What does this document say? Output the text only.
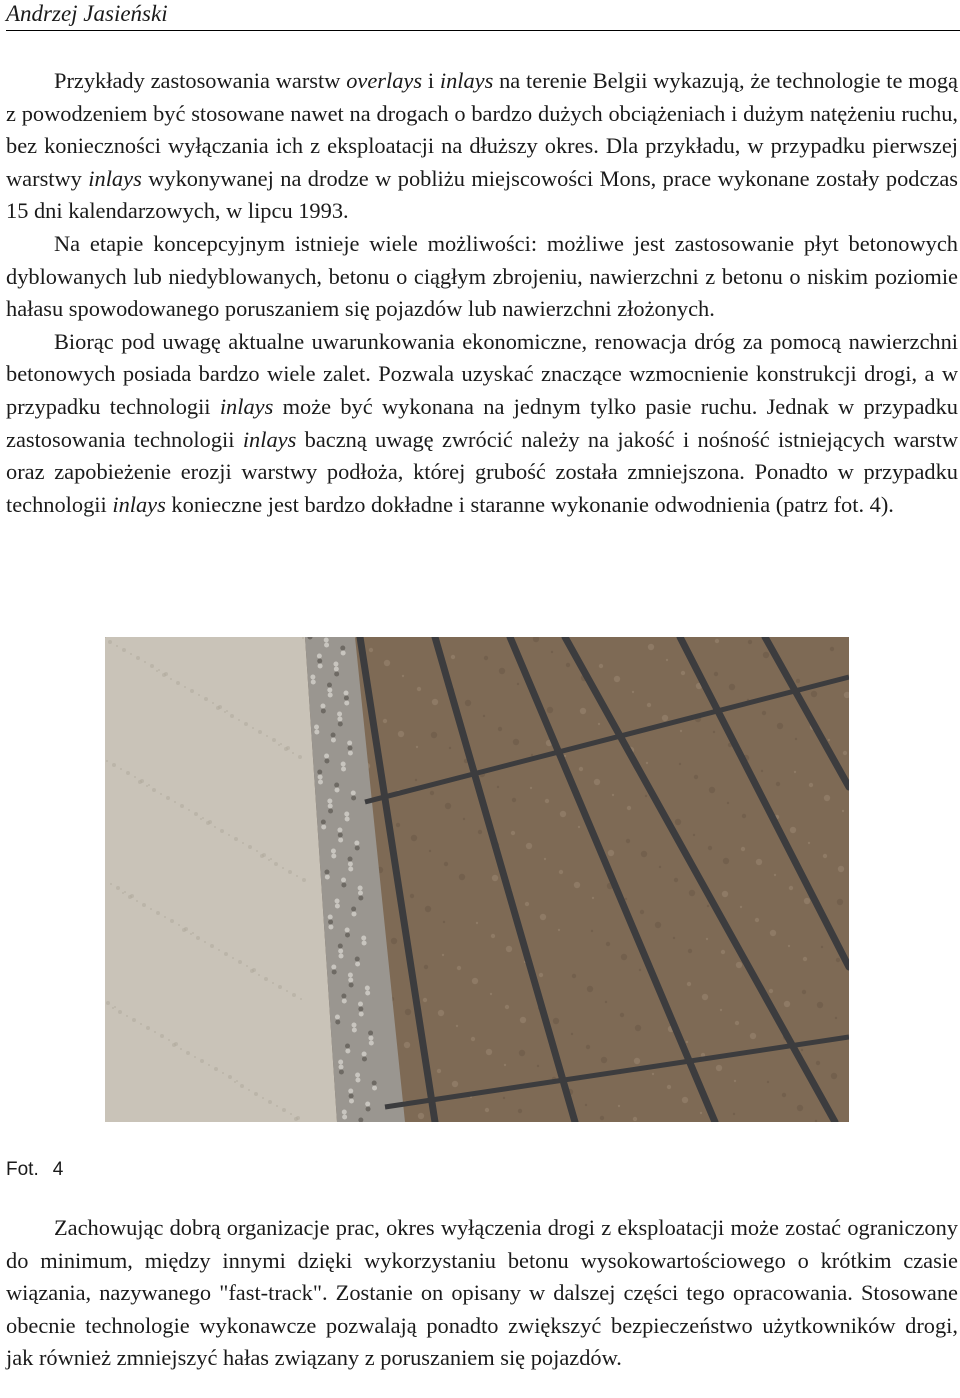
Andrzej Jasieński

Przykłady zastosowania warstw overlays i inlays na terenie Belgii wykazują, że technologie te mogą z powodzeniem być stosowane nawet na drogach o bardzo dużych obciążeniach i dużym natężeniu ruchu, bez konieczności wyłączania ich z eksploatacji na dłuższy okres. Dla przykładu, w przypadku pierwszej warstwy inlays wykonywanej na drodze w pobliżu miejscowości Mons, prace wykonane zostały podczas 15 dni kalendarzowych, w lipcu 1993.

Na etapie koncepcyjnym istnieje wiele możliwości: możliwe jest zastosowanie płyt betonowych dyblowanych lub niedyblowanych, betonu o ciągłym zbrojeniu, nawierzchni z betonu o niskim poziomie hałasu spowodowanego poruszaniem się pojazdów lub nawierzchni złożonych.

Biorąc pod uwagę aktualne uwarunkowania ekonomiczne, renowacja dróg za pomocą nawierzchni betonowych posiada bardzo wiele zalet. Pozwala uzyskać znaczące wzmocnienie konstrukcji drogi, a w przypadku technologii inlays może być wykonana na jednym tylko pasie ruchu. Jednak w przypadku zastosowania technologii inlays baczną uwagę zwrócić należy na jakość i nośność istniejących warstw oraz zapobieżenie erozji warstwy podłoża, której grubość została zmniejszona. Ponadto w przypadku technologii inlays konieczne jest bardzo dokładne i staranne wykonanie odwodnienia (patrz fot. 4).

Fot. 4

Zachowując dobrą organizacje prac, okres wyłączenia drogi z eksploatacji może zostać ograniczony do minimum, między innymi dzięki wykorzystaniu betonu wysokowartościowego o krótkim czasie wiązania, nazywanego "fast-track". Zostanie on opisany w dalszej części tego opracowania. Stosowane obecnie technologie wykonawcze pozwalają ponadto zwiększyć bezpieczeństwo użytkowników drogi, jak również zmniejszyć hałas związany z poruszaniem się pojazdów.
